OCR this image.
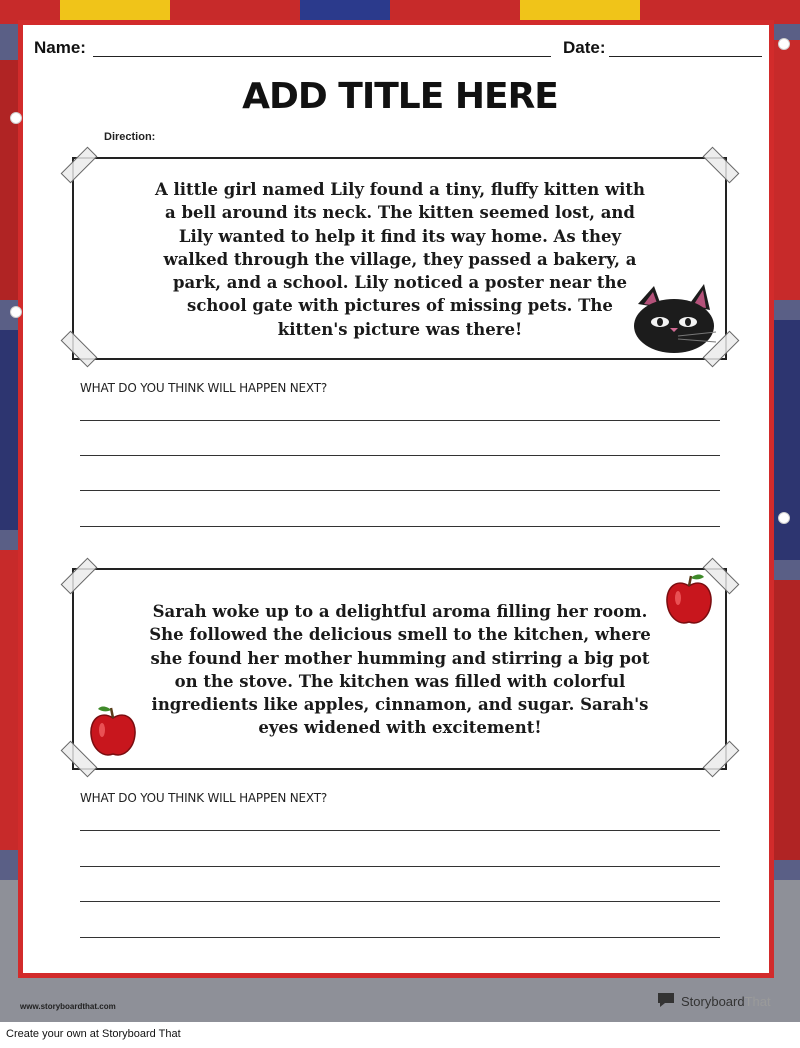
Name:	Date:
ADD TITLE HERE
Direction:
A little girl named Lily found a tiny, fluffy kitten with
a bell around its neck. The kitten seemed lost, and
Lily wanted to help it find its way home. As they
walked through the village, they passed a bakery, a
park, and a school. Lily noticed a poster near the
school gate with pictures of missing pets. The
kitten's picture was there!
WHAT DO YOU THINK WILL HAPPEN NEXT?
Sarah woke up to a delightful aroma filling her room.
She followed the delicious smell to the kitchen, where
she found her mother humming and stirring a big pot
on the stove. The kitchen was filled with colorful
ingredients like apples, cinnamon, and sugar. Sarah's
eyes widened with excitement!
WHAT DO YOU THINK WILL HAPPEN NEXT?
www.storyboardthat.com	StoryboardThat
Create your own at Storyboard That
